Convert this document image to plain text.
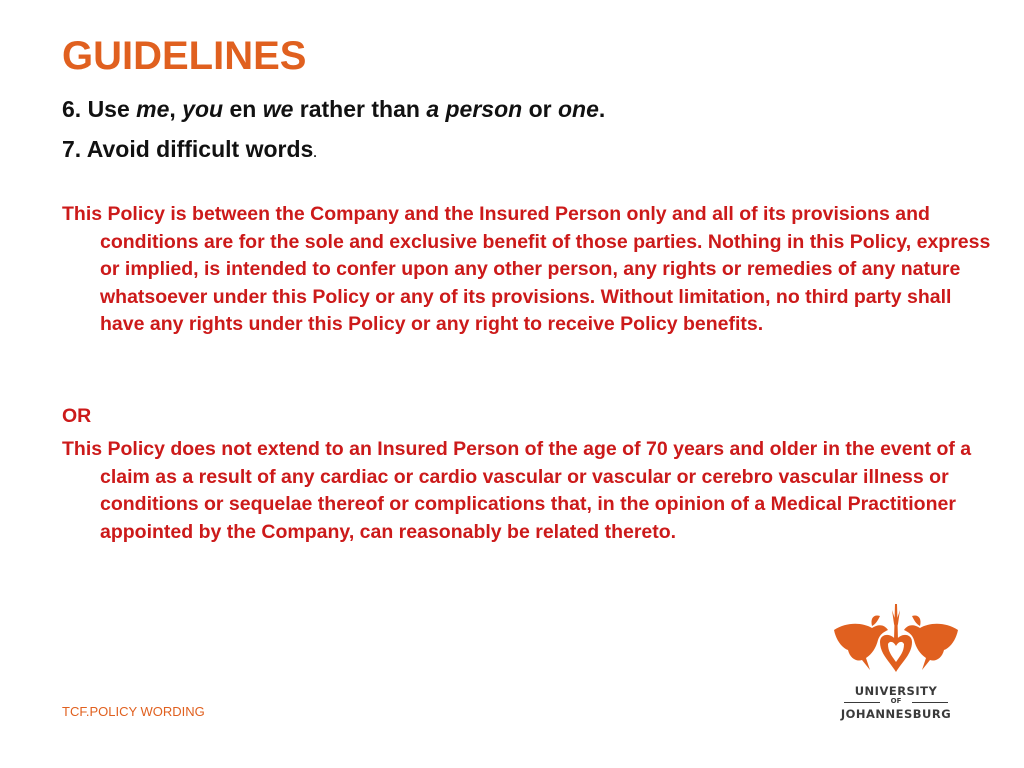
GUIDELINES
6. Use me, you en we rather than a person or one.
7. Avoid difficult words.

This Policy is between the Company and the Insured Person only and all of its provisions and conditions are for the sole and exclusive benefit of those parties. Nothing in this Policy, express or implied, is intended to confer upon any other person, any rights or remedies of any nature whatsoever under this Policy or any of its provisions. Without limitation, no third party shall have any rights under this Policy or any right to receive Policy benefits.

OR

This Policy does not extend to an Insured Person of the age of 70 years and older in the event of a claim as a result of any cardiac or cardio vascular or vascular or cerebro vascular illness or conditions or sequelae thereof or complications that, in the opinion of a Medical Practitioner appointed by the Company, can reasonably be related thereto.

TCF.POLICY WORDING
UNIVERSITY
OF
JOHANNESBURG
